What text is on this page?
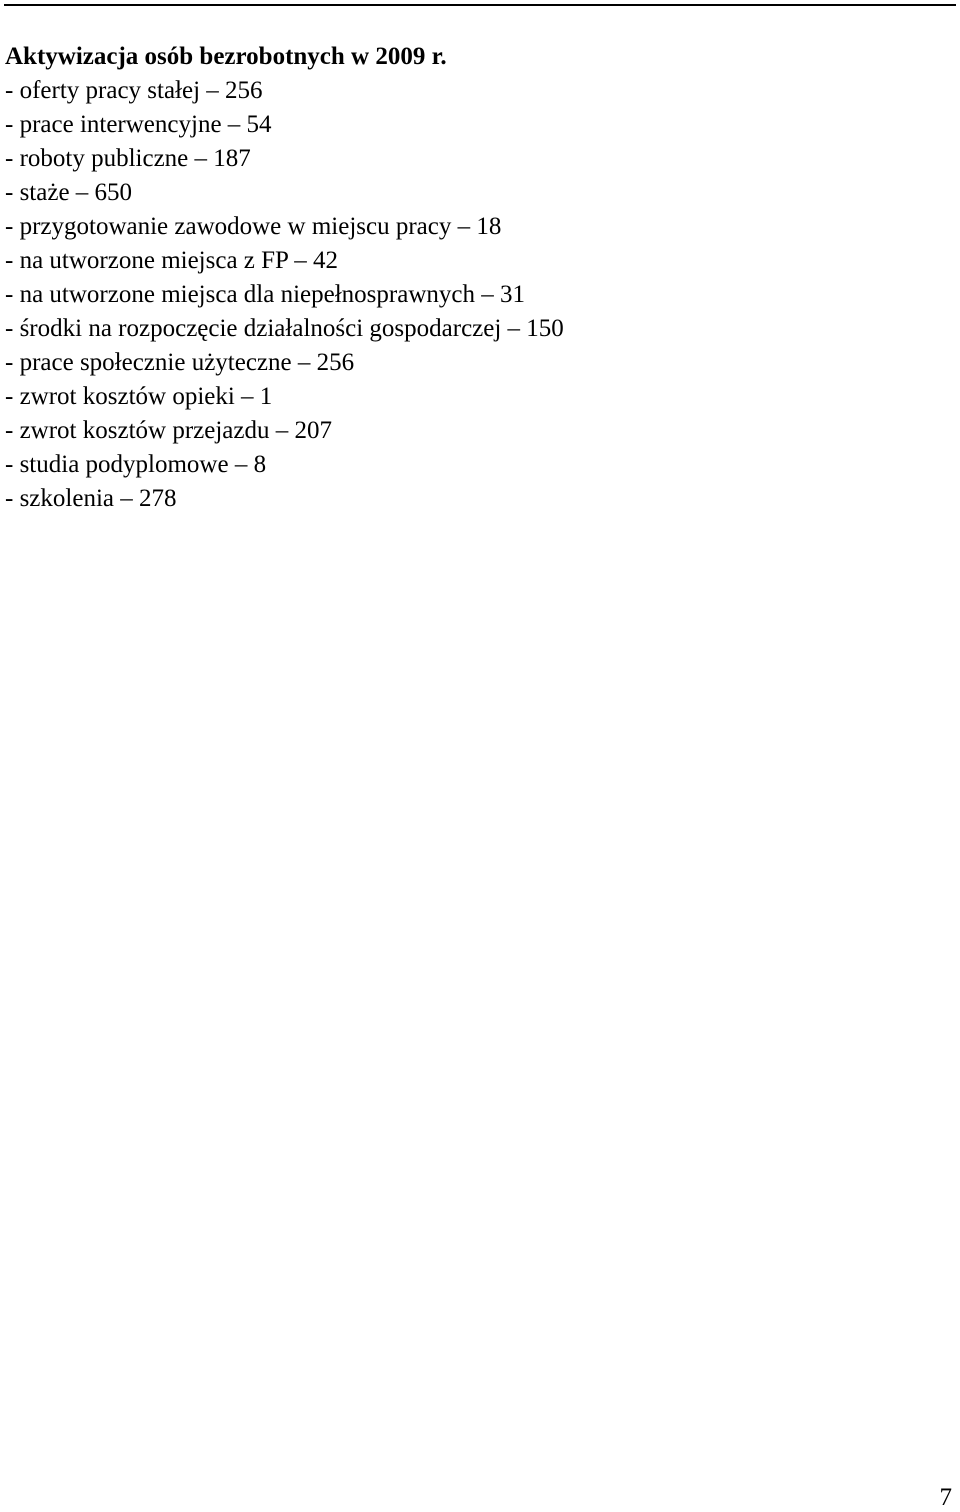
Aktywizacja osób bezrobotnych w 2009 r.
- oferty pracy stałej – 256
- prace interwencyjne – 54
- roboty publiczne – 187
- staże – 650
- przygotowanie zawodowe w miejscu pracy – 18
- na utworzone miejsca z FP – 42
- na utworzone miejsca dla niepełnosprawnych – 31
- środki na rozpoczęcie działalności gospodarczej – 150
- prace społecznie użyteczne – 256
- zwrot kosztów opieki – 1
- zwrot kosztów przejazdu – 207
- studia podyplomowe – 8
- szkolenia – 278
7
